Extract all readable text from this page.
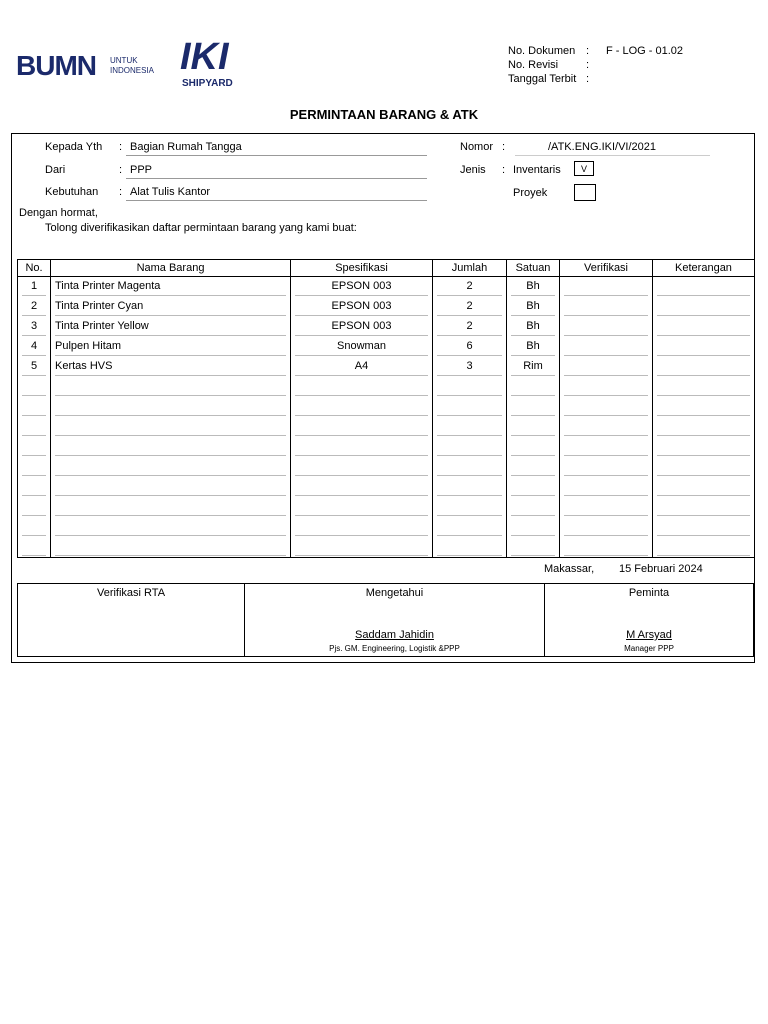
BUMN UNTUK
INDONESIA IKI
SHIPYARD
No. Dokumen :	F - LOG - 01.02
No. Revisi	:
Tanggal Terbit :
PERMINTAAN BARANG & ATK
Kepada Yth : Bagian Rumah Tangga
Dari	: PPP
Kebutuhan : Alat Tulis Kantor
Nomor :	/ATK.ENG.IKI/VI/2021
Jenis : Inventaris	V
Proyek
Dengan hormat,
Tolong diverifikasikan daftar permintaan barang yang kami buat:
No.	Nama Barang	Spesifikasi	Jumlah	Satuan	Verifikasi	Keterangan

1	Tinta Printer Magenta	EPSON 003	2	Bh		

2	Tinta Printer Cyan	EPSON 003	2	Bh		

3	Tinta Printer Yellow	EPSON 003	2	Bh		

4	Pulpen Hitam	Snowman	6	Bh		

5	Kertas HVS	A4	3	Rim		

Makassar, 15 Februari 2024
Verifikasi RTA	Mengetahui
Saddam Jahidin
Pjs. GM. Engineering, Logistik &PPP
Peminta
M Arsyad
Manager PPP
